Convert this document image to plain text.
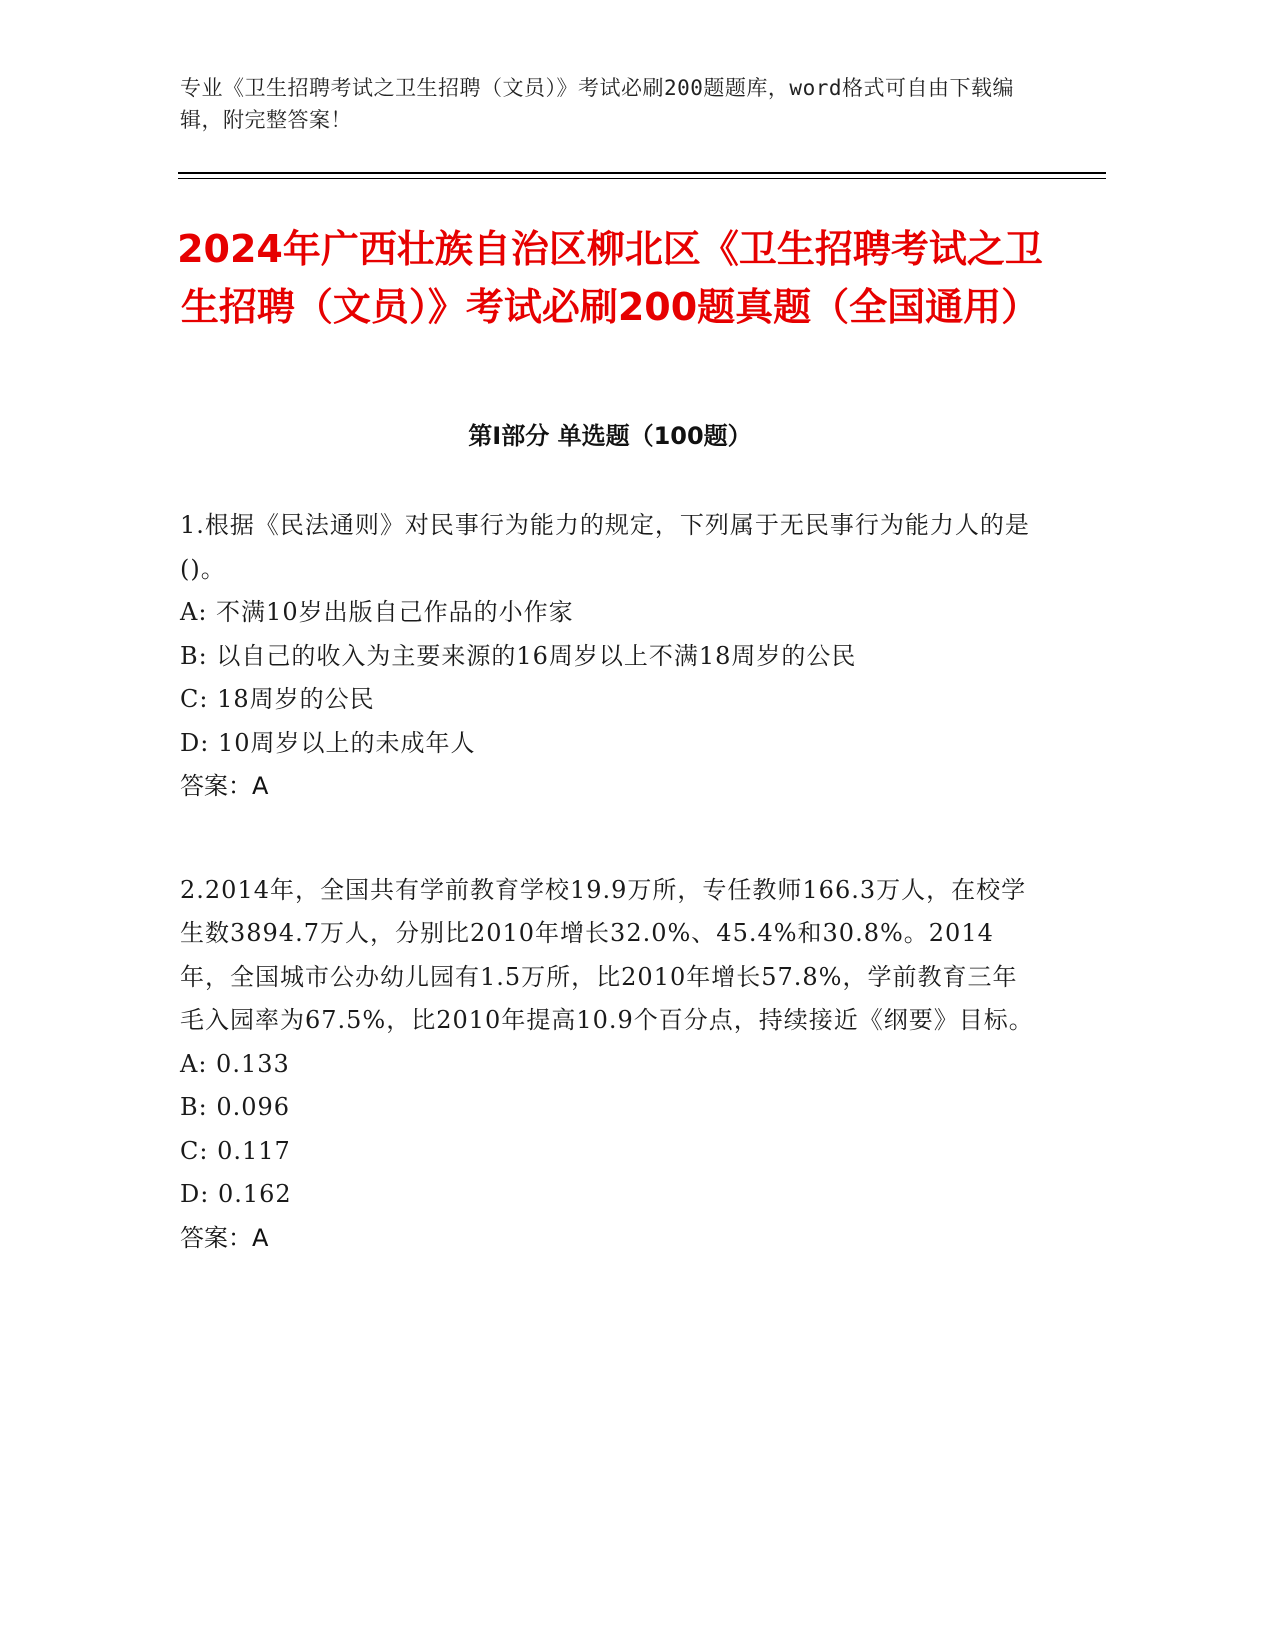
专业《卫生招聘考试之卫生招聘（文员）》考试必刷200题题库，word格式可自由下载编辑，附完整答案！
2024年广西壮族自治区柳北区《卫生招聘考试之卫生招聘（文员）》考试必刷200题真题（全国通用）
第I部分 单选题（100题）

1.根据《民法通则》对民事行为能力的规定，下列属于无民事行为能力人的是()。

A: 不满10岁出版自己作品的小作家

B: 以自己的收入为主要来源的16周岁以上不满18周岁的公民

C: 18周岁的公民

D: 10周岁以上的未成年人

答案：A

2.2014年，全国共有学前教育学校19.9万所，专任教师166.3万人，在校学生数3894.7万人，分别比2010年增长32.0%、45.4%和30.8%。2014年，全国城市公办幼儿园有1.5万所，比2010年增长57.8%，学前教育三年毛入园率为67.5%，比2010年提高10.9个百分点，持续接近《纲要》目标。

A: 0.133

B: 0.096

C: 0.117

D: 0.162

答案：A
